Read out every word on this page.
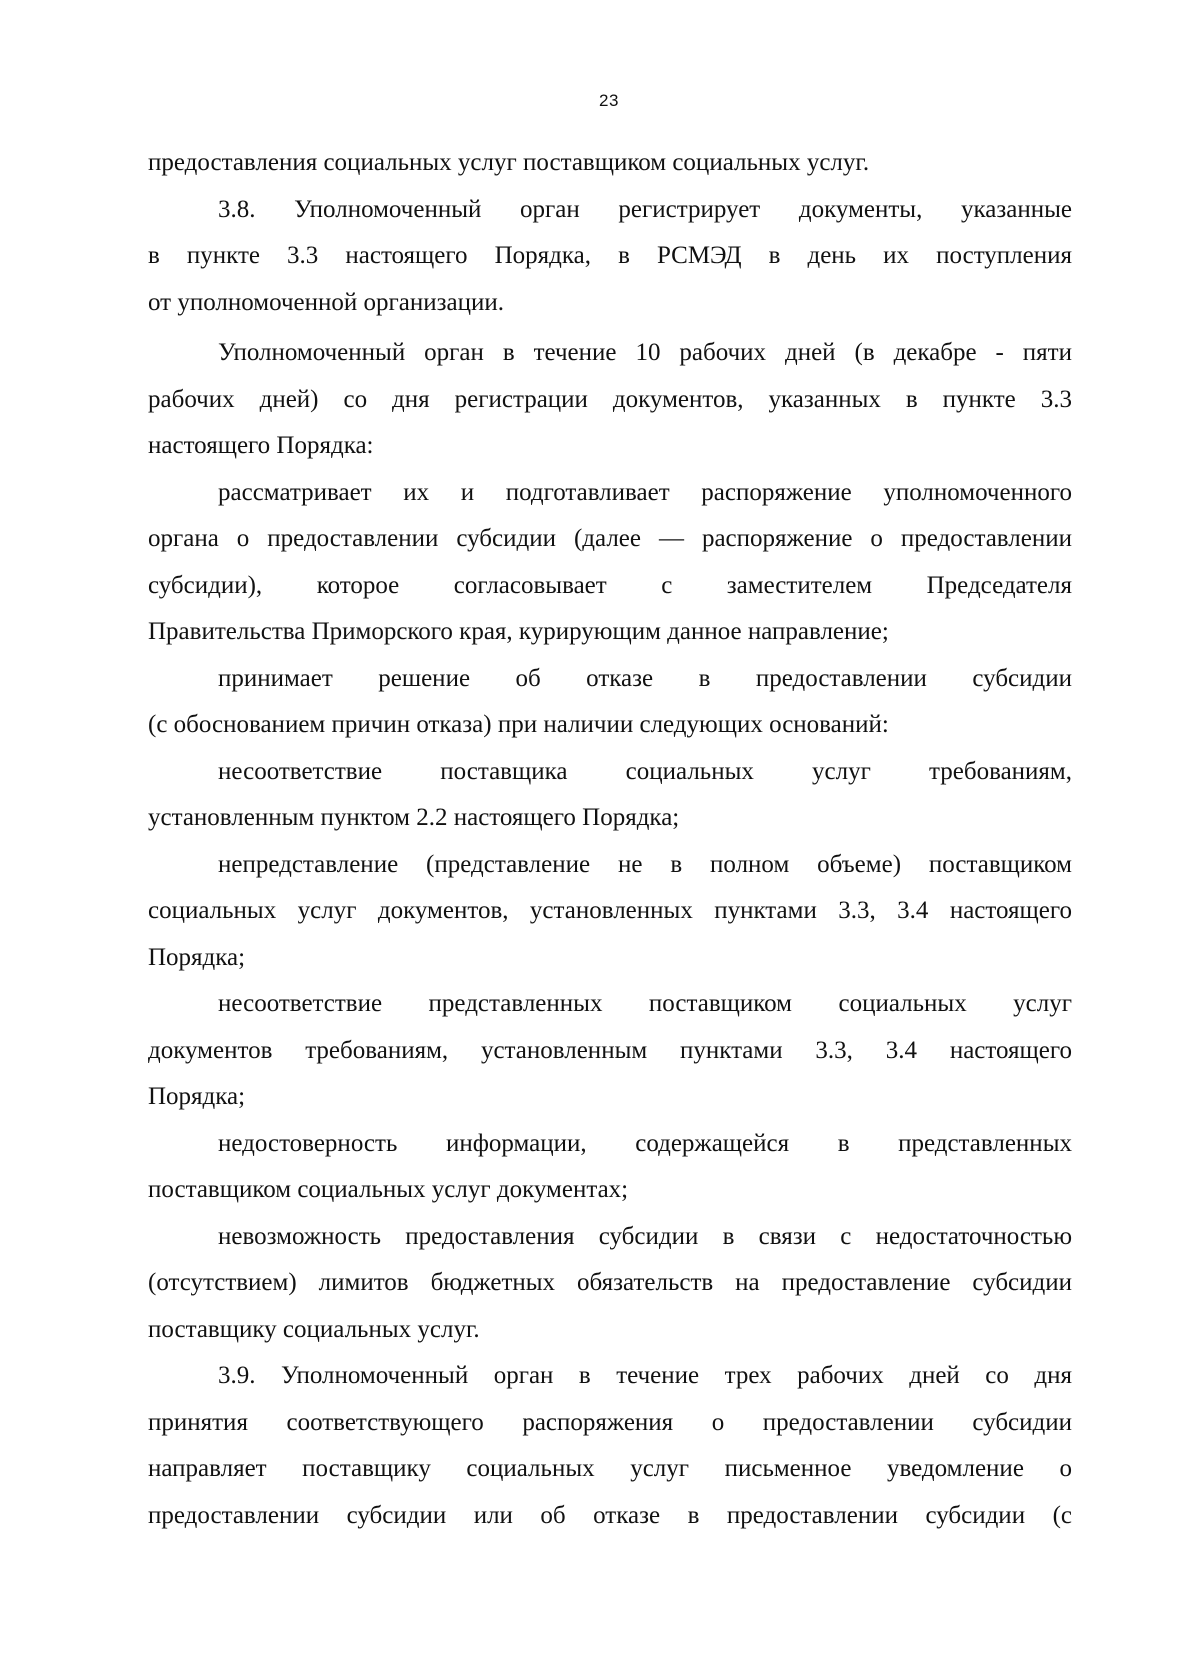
23
предоставления социальных услуг поставщиком социальных услуг.
3.8. Уполномоченный орган регистрирует документы, указанные
в пункте 3.3 настоящего Порядка, в РСМЭД в день их поступления
от уполномоченной организации.
Уполномоченный орган в течение 10 рабочих дней (в декабре - пяти
рабочих дней) со дня регистрации документов, указанных в пункте 3.3
настоящего Порядка:
рассматривает их и подготавливает распоряжение уполномоченного
органа о предоставлении субсидии (далее — распоряжение о предоставлении
субсидии), которое согласовывает с заместителем Председателя
Правительства Приморского края, курирующим данное направление;
принимает решение об отказе в предоставлении субсидии
(с обоснованием причин отказа) при наличии следующих оснований:
несоответствие поставщика социальных услуг требованиям,
установленным пунктом 2.2 настоящего Порядка;
непредставление (представление не в полном объеме) поставщиком
социальных услуг документов, установленных пунктами 3.3, 3.4 настоящего
Порядка;
несоответствие представленных поставщиком социальных услуг
документов требованиям, установленным пунктами 3.3, 3.4 настоящего
Порядка;
недостоверность информации, содержащейся в представленных
поставщиком социальных услуг документах;
невозможность предоставления субсидии в связи с недостаточностью
(отсутствием) лимитов бюджетных обязательств на предоставление субсидии
поставщику социальных услуг.
3.9. Уполномоченный орган в течение трех рабочих дней со дня
принятия соответствующего распоряжения о предоставлении субсидии
направляет поставщику социальных услуг письменное уведомление о
предоставлении субсидии или об отказе в предоставлении субсидии (с
